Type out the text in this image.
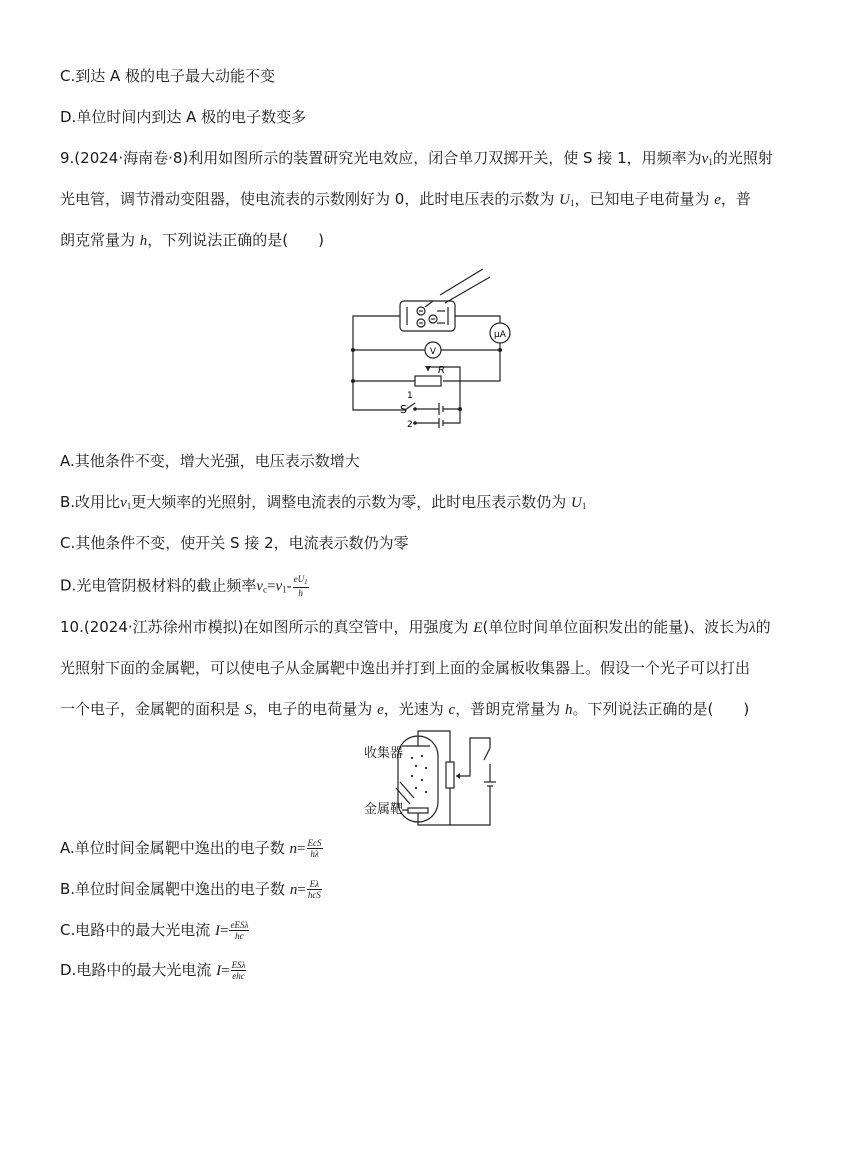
C.到达 A 极的电子最大动能不变
D.单位时间内到达 A 极的电子数变多
9.(2024·海南卷·8)利用如图所示的装置研究光电效应，闭合单刀双掷开关，使 S 接 1，用频率为$\nu_1$的光照射
光电管，调节滑动变阻器，使电流表的示数刚好为 0，此时电压表的示数为 $U_1$，已知电子电荷量为 e，普
朗克常量为 h，下列说法正确的是(　　)
μA
V
R
S
1
2
A.其他条件不变，增大光强，电压表示数增大
B.改用比$\nu_1$更大频率的光照射，调整电流表的示数为零，此时电压表示数仍为 $U_1$
C.其他条件不变，使开关 S 接 2，电流表示数仍为零
D.光电管阴极材料的截止频率$\nu_c=\nu_1- \frac{eU_1}{h}$
10.(2024·江苏徐州市模拟)在如图所示的真空管中，用强度为 E(单位时间单位面积发出的能量)、波长为λ的
光照射下面的金属靶，可以使电子从金属靶中逸出并打到上面的金属板收集器上。假设一个光子可以打出
一个电子，金属靶的面积是 S，电子的电荷量为 e，光速为 c，普朗克常量为 h。下列说法正确的是(　　)
收集器
金属靶
A.单位时间金属靶中逸出的电子数 $n= \frac{\text{EcS}}{h\lambda}$
B.单位时间金属靶中逸出的电子数 $n= \frac{E\lambda}{\text{hcS}}$
C.电路中的最大光电流 $I= \frac{\text{eESλ}}{hc}$
D.电路中的最大光电流 $I= \frac{\text{ESλ}}{\text{ehc}}$
